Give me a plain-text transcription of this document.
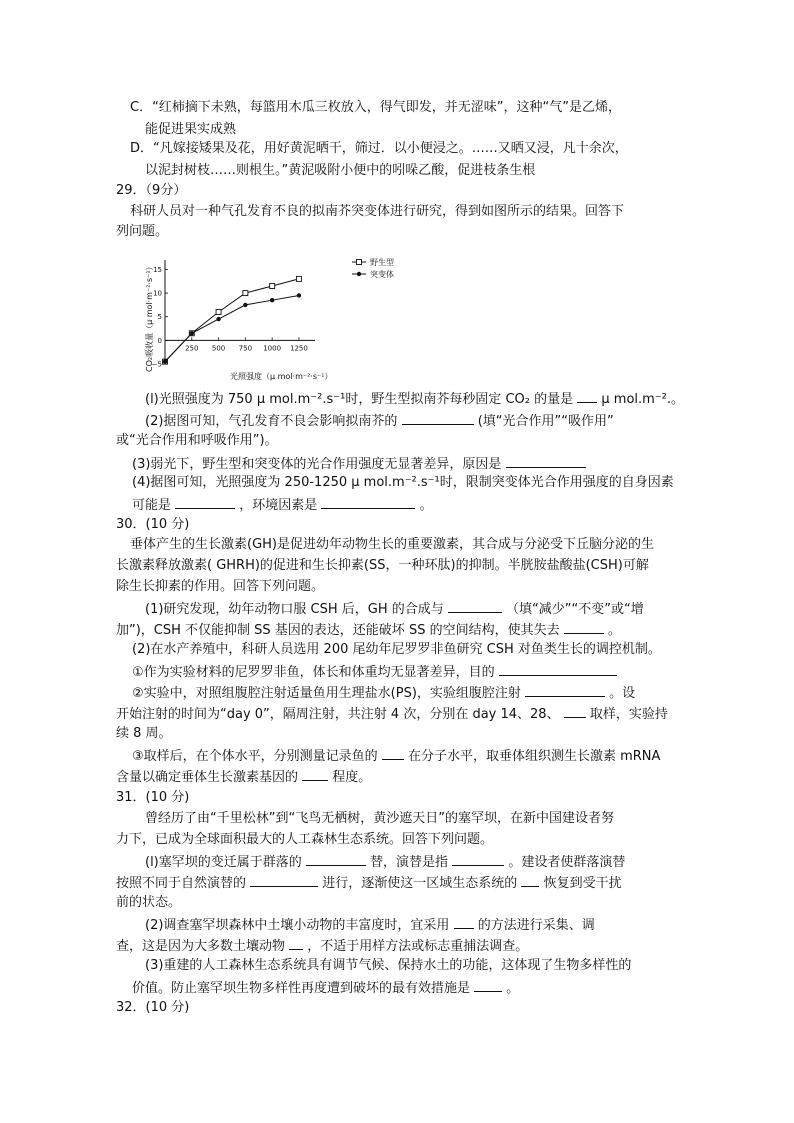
C．“红柿摘下未熟，每篮用木瓜三枚放入，得气即发，并无涩味”，这种“气”是乙烯，
能促进果实成熟
D．“凡嫁接矮果及花，用好黄泥晒干，筛过．以小便浸之。……又晒又浸，凡十余次，
以泥封树枝……则根生。”黄泥吸附小便中的吲哚乙酸，促进枝条生根
29．（9分）
科研人员对一种气孔发育不良的拟南芥突变体进行研究，得到如图所示的结果。回答下
列问题。
250 500 750 1000 1250
15
10
5
0
−5
野生型
突变体
CO₂吸收量（μ mol·m⁻²·s⁻¹）
光照强度（μ mol·m⁻²·s⁻¹）
(l)光照强度为 750 μ mol.m⁻².s⁻¹时，野生型拟南芥每秒固定 CO₂ 的量是 μ mol.m⁻².。
(2)据图可知，气孔发育不良会影响拟南芥的	(填“光合作用”“吸作用”
或“光合作用和呼吸作用”)。
(3)弱光下，野生型和突变体的光合作用强度无显著差异，原因是
(4)据图可知，光照强度为 250-1250 μ mol.m⁻².s⁻¹时，限制突变体光合作用强度的自身因素
可能是	，环境因素是	。
30．(10 分)
垂体产生的生长激素(GH)是促进幼年动物生长的重要激素，其合成与分泌受下丘脑分泌的生
长激素释放激素( GHRH)的促进和生长抑素(SS，一种环肽)的抑制。半胱胺盐酸盐(CSH)可解
除生长抑素的作用。回答下列问题。
(1)研究发现，幼年动物口服 CSH 后，GH 的合成与	（填“减少”“不变”或“增
加”)，CSH 不仅能抑制 SS 基因的表达，还能破坏 SS 的空间结构，使其失去	。
(2)在水产养殖中，科研人员选用 200 尾幼年尼罗罗非鱼研究 CSH 对鱼类生长的调控机制。
①作为实验材料的尼罗罗非鱼，体长和体重均无显著差异，目的
②实验中，对照组腹腔注射适量鱼用生理盐水(PS)，实验组腹腔注射	。设
开始注射的时间为“day 0”，隔周注射，共注射 4 次，分别在 day 14、28、 取样，实验持
续 8 周。
③取样后，在个体水平，分别测量记录鱼的 在分子水平，取垂体组织测生长激素 mRNA
含量以确定垂体生长激素基因的	程度。
31．(10 分)
曾经历了由“千里松林”到“飞鸟无栖树，黄沙遮天日”的塞罕坝，在新中国建设者努
力下，已成为全球面积最大的人工森林生态系统。回答下列问题。
(l)塞罕坝的变迁属于群落的	替，演替是指	。建设者使群落演替
按照不同于自然演替的	进行，逐渐使这一区域生态系统的 恢复到受干扰
前的状态。
(2)调查塞罕坝森林中土壤小动物的丰富度时，宜采用 的方法进行采集、调
查，这是因为大多数土壤动物 ，不适于用样方法或标志重捕法调查。
(3)重建的人工森林生态系统具有调节气候、保持水土的功能，这体现了生物多样性的
价值。防止塞罕坝生物多样性再度遭到破坏的最有效措施是	。
32．(10 分)
